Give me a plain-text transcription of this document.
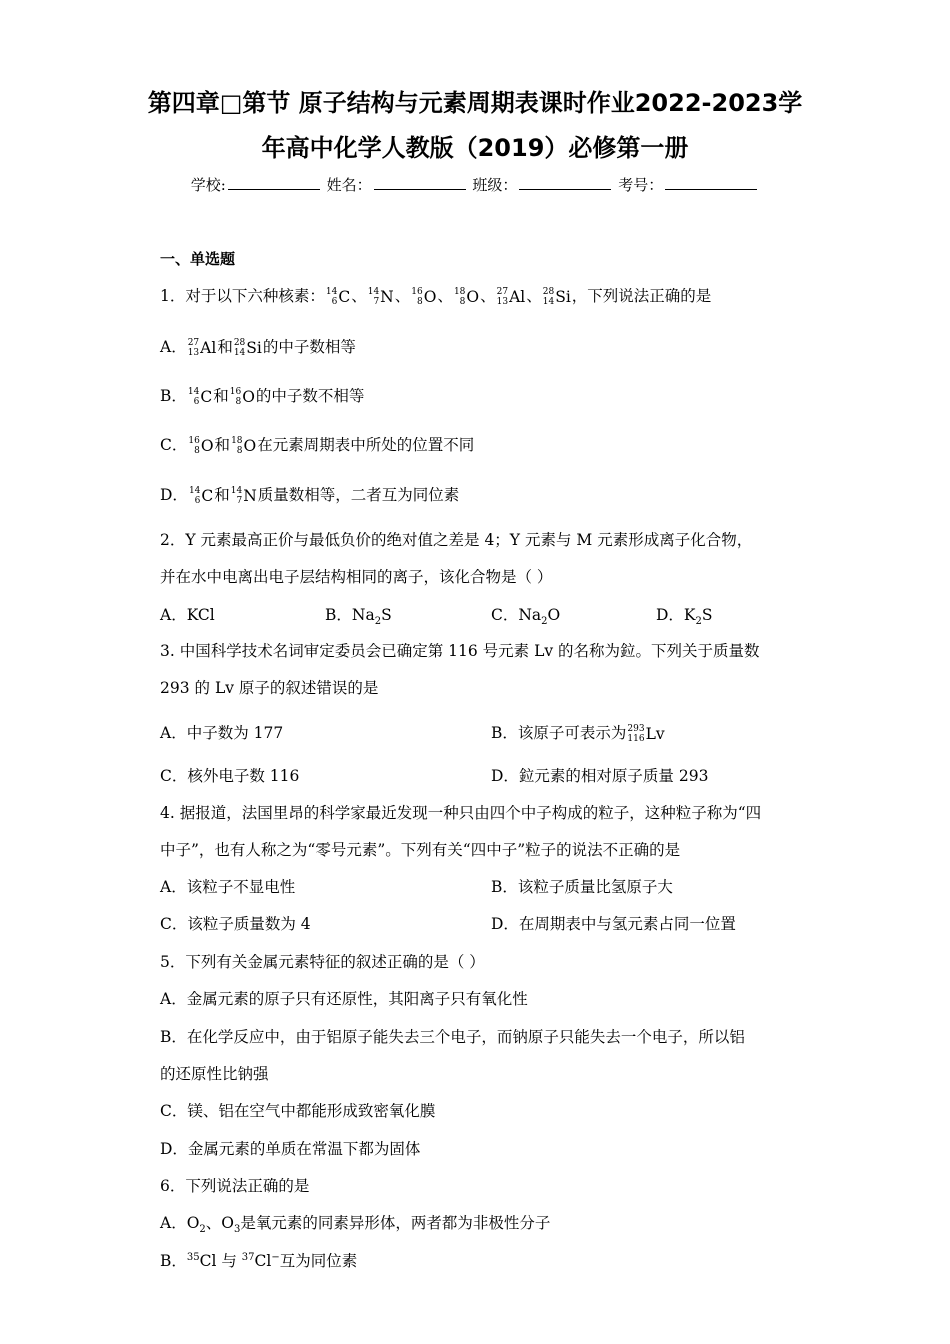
第四章□第节 原子结构与元素周期表课时作业2022-2023学
年高中化学人教版（2019）必修第一册
学校:	姓名：	班级：	考号：
一、单选题
1．对于以下六种核素： 14
6 C 、 14
7 N 、 16
8 O 、 18
8 O 、 27
13 Al 、 28
14 Si ，下列说法正确的是
A． 27
13 Al 和 28
14 Si 的中子数相等
B． 14
6 C 和 16
8 O 的中子数不相等
C． 16
8 O 和 18
8 O 在元素周期表中所处的位置不同
D． 14
6 C 和 14
7 N 质量数相等，二者互为同位素
2．Y 元素最高正价与最低负价的绝对值之差是 4；Y 元素与 M 元素形成离子化合物，
并在水中电离出电子层结构相同的离子，该化合物是（ ）
A．KCl	B．$Na_2S$	C．$Na_2O$	D．$K_2S$
3. 中国科学技术名词审定委员会已确定第 116 号元素 Lv 的名称为鉝。下列关于质量数
293 的 Lv 原子的叙述错误的是
A．中子数为 177	B．该原子可表示为 293
116 Lv
C．核外电子数 116	D．鉝元素的相对原子质量 293
4. 据报道，法国里昂的科学家最近发现一种只由四个中子构成的粒子，这种粒子称为“四
中子”，也有人称之为“零号元素”。下列有关“四中子”粒子的说法不正确的是
A．该粒子不显电性	B．该粒子质量比氢原子大
C．该粒子质量数为 4	D．在周期表中与氢元素占同一位置
5．下列有关金属元素特征的叙述正确的是（ ）
A．金属元素的原子只有还原性，其阳离子只有氧化性
B．在化学反应中，由于铝原子能失去三个电子，而钠原子只能失去一个电子，所以铝
的还原性比钠强
C．镁、铝在空气中都能形成致密氧化膜
D．金属元素的单质在常温下都为固体
6．下列说法正确的是
A．$O_2$、$O_3$是氧元素的同素异形体，两者都为非极性分子
B．$^{35}$Cl 与 $^{37}$Cl−互为同位素
